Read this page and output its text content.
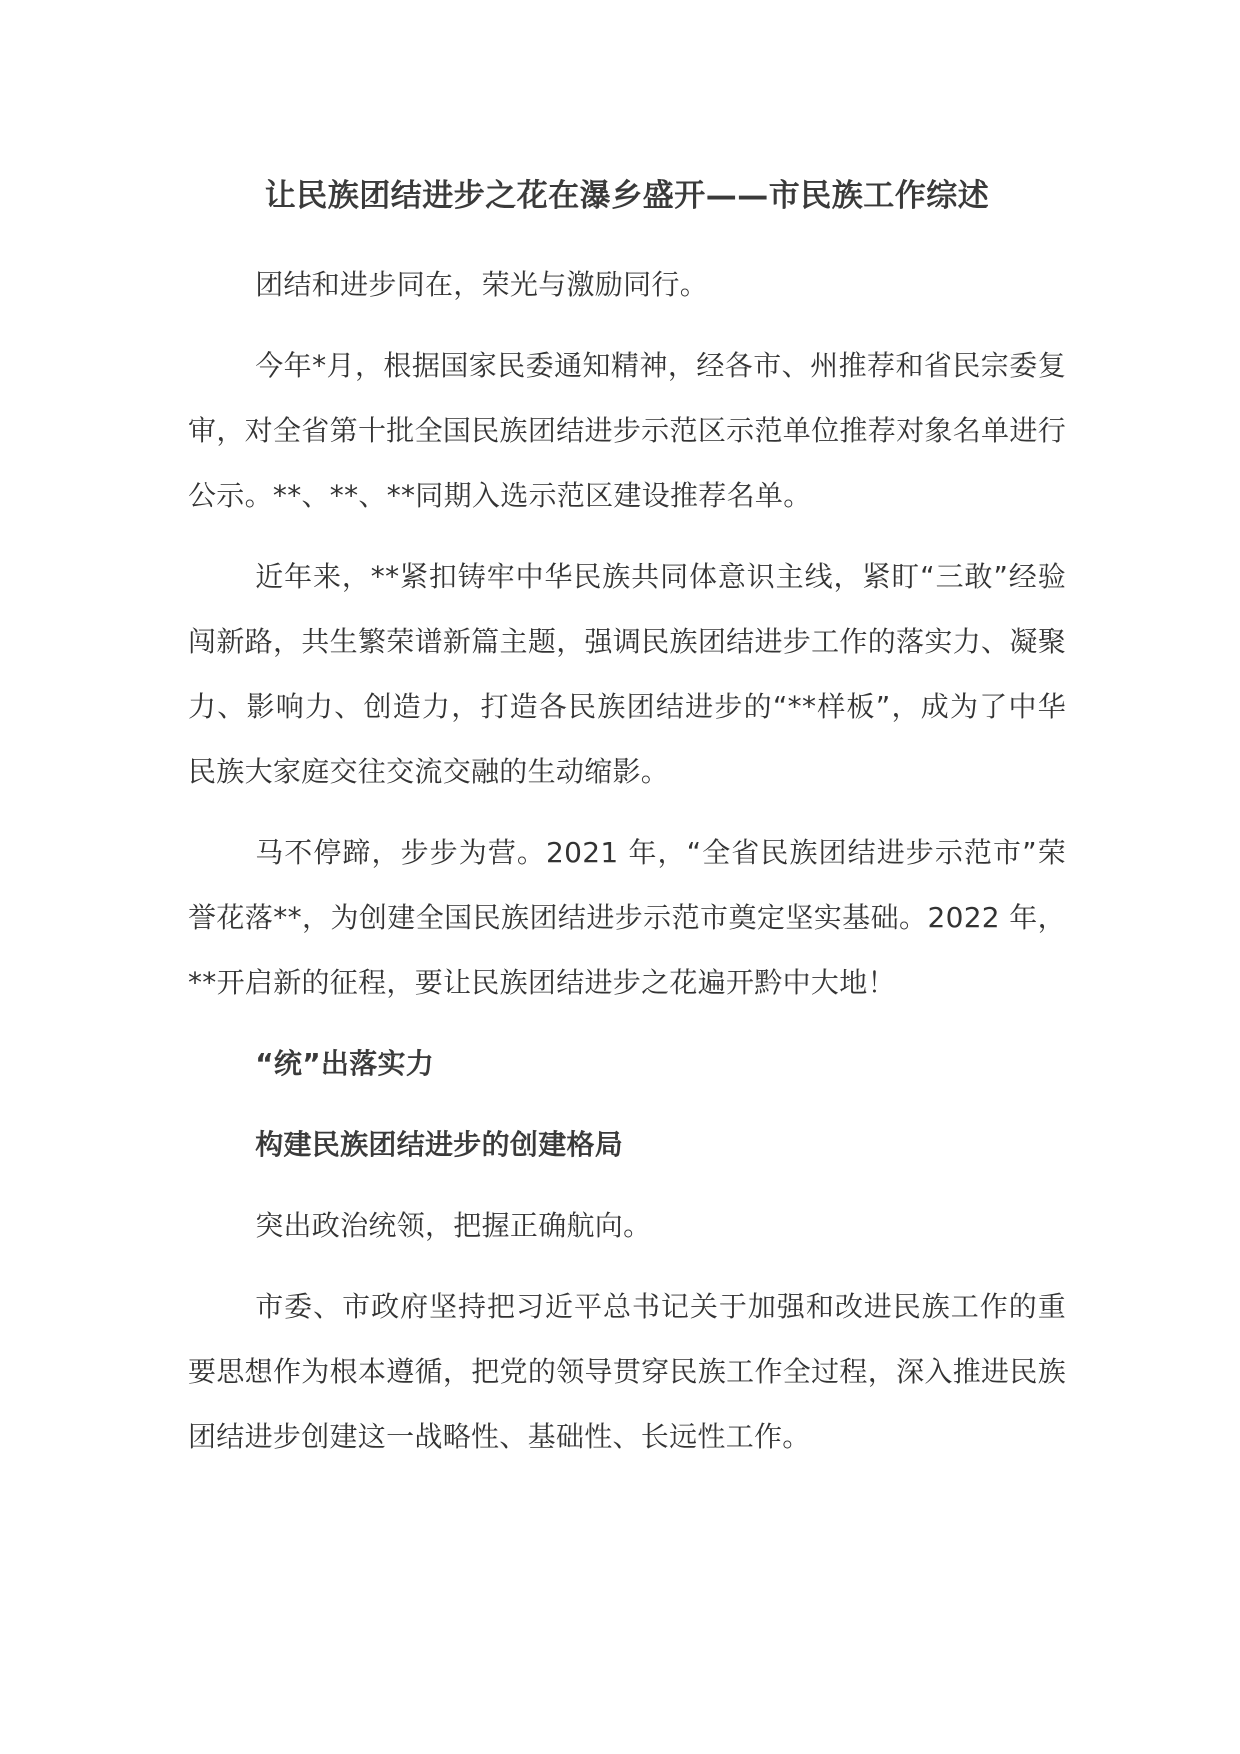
让民族团结进步之花在瀑乡盛开——市民族工作综述

团结和进步同在，荣光与激励同行。

今年*月，根据国家民委通知精神，经各市、州推荐和省民宗委复审，对全省第十批全国民族团结进步示范区示范单位推荐对象名单进行公示。**、**、**同期入选示范区建设推荐名单。

近年来，**紧扣铸牢中华民族共同体意识主线，紧盯“三敢”经验闯新路，共生繁荣谱新篇主题，强调民族团结进步工作的落实力、凝聚力、影响力、创造力，打造各民族团结进步的“**样板”，成为了中华民族大家庭交往交流交融的生动缩影。

马不停蹄，步步为营。2021 年，“全省民族团结进步示范市”荣誉花落**，为创建全国民族团结进步示范市奠定坚实基础。2022 年，**开启新的征程，要让民族团结进步之花遍开黔中大地！

“统”出落实力

构建民族团结进步的创建格局

突出政治统领，把握正确航向。

市委、市政府坚持把习近平总书记关于加强和改进民族工作的重要思想作为根本遵循，把党的领导贯穿民族工作全过程，深入推进民族团结进步创建这一战略性、基础性、长远性工作。
